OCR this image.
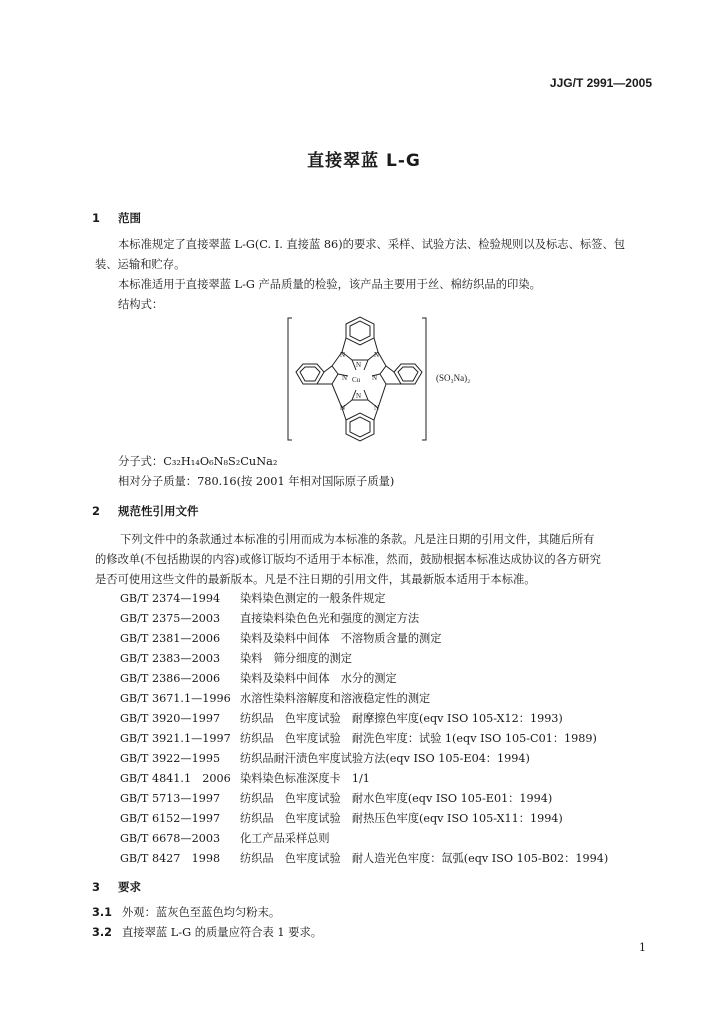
JJG/T 2991—2005
直接翠蓝 L-G
1 范围
本标准规定了直接翠蓝 L-G(C. I. 直接蓝 86)的要求、采样、试验方法、检验规则以及标志、标签、包
装、运输和贮存。
本标准适用于直接翠蓝 L-G 产品质量的检验，该产品主要用于丝、棉纺织品的印染。
结构式：
N	N
N	N
N
N
N	N
Cu	(SO₃Na)₂
分子式：C₃₂H₁₄O₆N₈S₂CuNa₂
相对分子质量：780.16(按 2001 年相对国际原子质量)
2 规范性引用文件
下列文件中的条款通过本标准的引用而成为本标准的条款。凡是注日期的引用文件，其随后所有
的修改单(不包括勘误的内容)或修订版均不适用于本标准，然而，鼓励根据本标准达成协议的各方研究
是否可使用这些文件的最新版本。凡是不注日期的引用文件，其最新版本适用于本标准。
GB/T 2374—1994 染料染色测定的一般条件规定
GB/T 2375—2003 直接染料染色色光和强度的测定方法
GB/T 2381—2006 染料及染料中间体　不溶物质含量的测定
GB/T 2383—2003 染料　筛分细度的测定
GB/T 2386—2006 染料及染料中间体　水分的测定
GB/T 3671.1—1996 水溶性染料溶解度和溶液稳定性的测定
GB/T 3920—1997 纺织品　色牢度试验　耐摩擦色牢度(eqv ISO 105-X12：1993)
GB/T 3921.1—1997 纺织品　色牢度试验　耐洗色牢度：试验 1(eqv ISO 105-C01：1989)
GB/T 3922—1995 纺织品耐汗渍色牢度试验方法(eqv ISO 105-E04：1994)
GB/T 4841.1　2006 染料染色标准深度卡　1/1
GB/T 5713—1997 纺织品　色牢度试验　耐水色牢度(eqv ISO 105-E01：1994)
GB/T 6152—1997 纺织品　色牢度试验　耐热压色牢度(eqv ISO 105-X11：1994)
GB/T 6678—2003 化工产品采样总则
GB/T 8427　1998 纺织品　色牢度试验　耐人造光色牢度：氙弧(eqv ISO 105-B02：1994)
3 要求
3.1 外观：蓝灰色至蓝色均匀粉末。
3.2 直接翠蓝 L-G 的质量应符合表 1 要求。
1
